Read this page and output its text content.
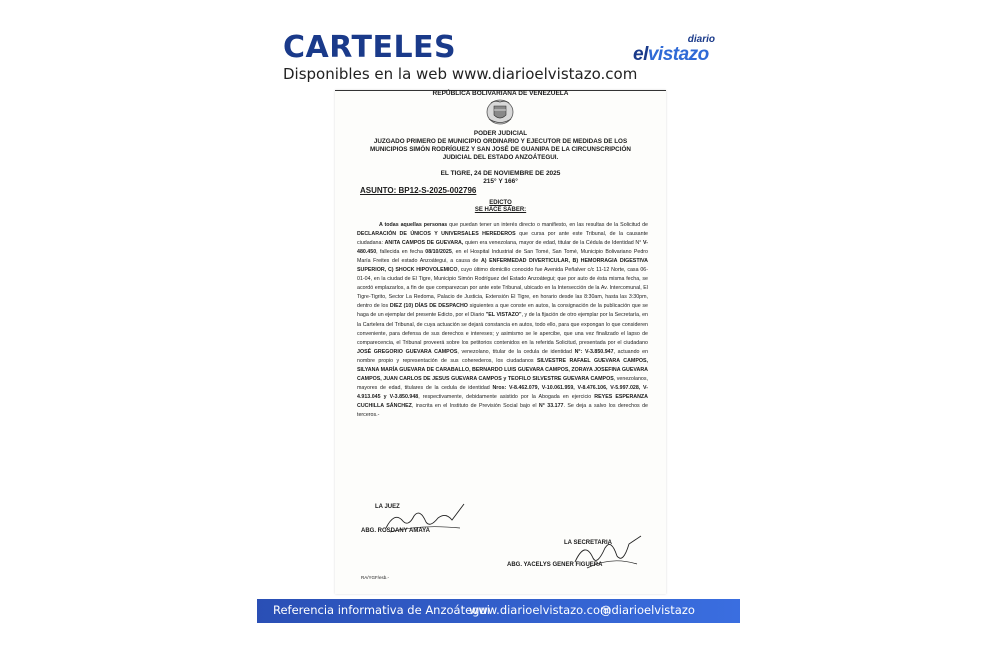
CARTELES
Disponibles en la web www.diarioelvistazo.com
diario
elvistazo
REPÚBLICA BOLIVARIANA DE VENEZUELA
PODER JUDICIAL
JUZGADO PRIMERO DE MUNICIPIO ORDINARIO Y EJECUTOR DE MEDIDAS DE LOS
MUNICIPIOS SIMÓN RODRÍGUEZ Y SAN JOSÉ DE GUANIPA DE LA CIRCUNSCRIPCIÓN
JUDICIAL DEL ESTADO ANZOÁTEGUI.
EL TIGRE, 24 DE NOVIEMBRE DE 2025
215° Y 166°
ASUNTO: BP12-S-2025-002796
EDICTO
SE HACE SABER:
A todas aquellas personas que puedan tener un interés directo o manifiesto, en las resultas de la Solicitud de DECLARACIÓN DE ÚNICOS Y UNIVERSALES HEREDEROS que cursa por ante este Tribunal, de la causante ciudadana: ANITA CAMPOS DE GUEVARA, quien era venezolana, mayor de edad, titular de la Cédula de Identidad N° V-480.450, fallecida en fecha 08/10/2025, en el Hospital Industrial de San Tomé, San Tomé, Municipio Bolivariano Pedro María Freites del estado Anzoátegui, a causa de A) ENFERMEDAD DIVERTICULAR, B) HEMORRAGIA DIGESTIVA SUPERIOR, C) SHOCK HIPOVOLEMICO, cuyo último domicilio conocido fue Avenida Peñalver c/c 11-12 Norte, casa 06-01-04, en la ciudad de El Tigre, Municipio Simón Rodríguez del Estado Anzoátegui; que por auto de ésta misma fecha, se acordó emplazarlos, a fin de que comparezcan por ante este Tribunal, ubicado en la Intersección de la Av. Intercomunal, El Tigre-Tigrito, Sector La Redoma, Palacio de Justicia, Extensión El Tigre, en horario desde las 8:30am, hasta las 3:30pm, dentro de los DIEZ (10) DÍAS DE DESPACHO siguientes a que conste en autos, la consignación de la publicación que se haga de un ejemplar del presente Edicto, por el Diario "EL VISTAZO", y de la fijación de otro ejemplar por la Secretaría, en la Cartelera del Tribunal, de cuya actuación se dejará constancia en autos, todo ello, para que expongan lo que consideren conveniente, para defensa de sus derechos e intereses; y asimismo se le apercibe, que una vez finalizado el lapso de comparecencia, el Tribunal proveerá sobre los petitorios contenidos en la referida Solicitud, presentada por el ciudadano JOSÉ GREGORIO GUEVARA CAMPOS, venezolano, titular de la cedula de identidad N°: V-3.850.947, actuando en nombre propio y representación de sus coherederos, los ciudadanos SILVESTRE RAFAEL GUEVARA CAMPOS, SILYANA MARÍA GUEVARA DE CARABALLO, BERNARDO LUIS GUEVARA CAMPOS, ZORAYA JOSEFINA GUEVARA CAMPOS, JUAN CARLOS DE JESUS GUEVARA CAMPOS y TEOFILO SILVESTRE GUEVARA CAMPOS, venezolanos, mayores de edad, titulares de la cedula de identidad Nros: V-8.462.079, V-10.061.959, V-8.476.106, V-5.997.028, V-4.913.045 y V-3.850.948, respectivamente, debidamente asistido por la Abogada en ejercicio REYES ESPERANZA CUCHILLA SÁNCHEZ, inscrita en el Instituto de Previsión Social bajo el N° 33.177. Se deja a salvo los derechos de terceros.-
LA JUEZ
ABG. ROSDANY AMAYA
LA SECRETARIA
ABG. YACELYS GENER FIGUERA
RA/YGF/esb.-
Referencia informativa de Anzoátegui
www.diarioelvistazo.com
@diarioelvistazo
